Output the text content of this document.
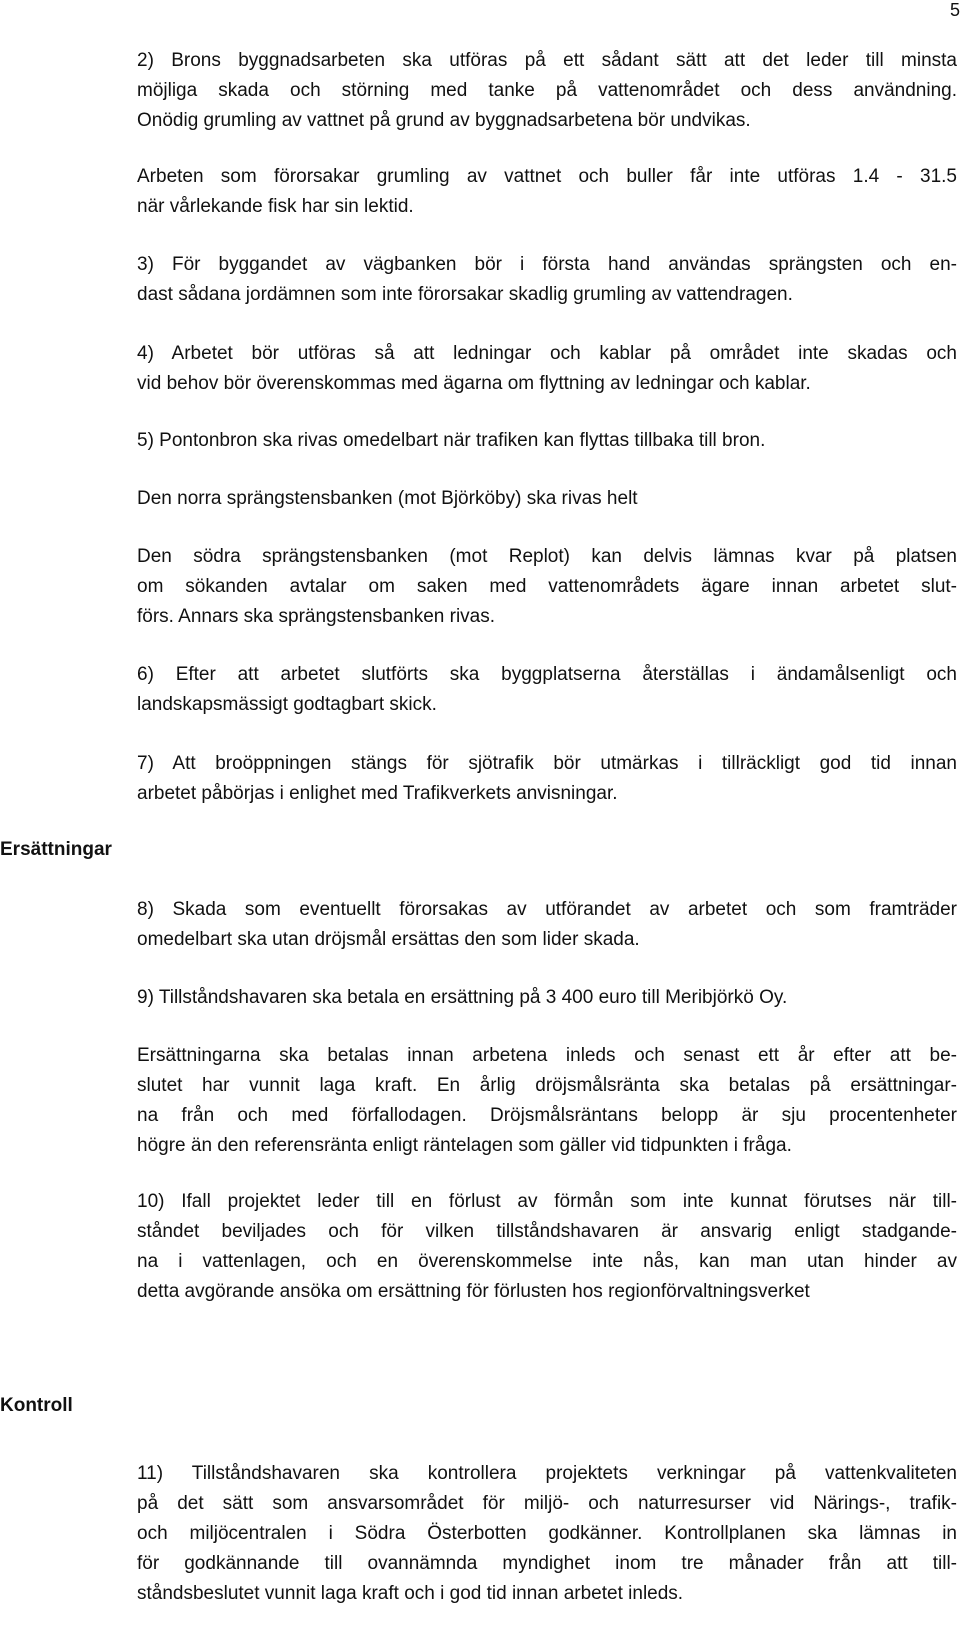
5
Ersättningar
Kontroll

2) Brons byggnadsarbeten ska utföras på ett sådant sätt att det leder till minsta
möjliga skada och störning med tanke på vattenområdet och dess användning.
Onödig grumling av vattnet på grund av byggnadsarbetena bör undvikas.

Arbeten som förorsakar grumling av vattnet och buller får inte utföras 1.4 - 31.5
när vårlekande fisk har sin lektid.

3) För byggandet av vägbanken bör i första hand användas sprängsten och en-
dast sådana jordämnen som inte förorsakar skadlig grumling av vattendragen.

4) Arbetet bör utföras så att ledningar och kablar på området inte skadas och
vid behov bör överenskommas med ägarna om flyttning av ledningar och kablar.

5) Pontonbron ska rivas omedelbart när trafiken kan flyttas tillbaka till bron.

Den norra sprängstensbanken (mot Björköby) ska rivas helt

Den södra sprängstensbanken (mot Replot) kan delvis lämnas kvar på platsen
om sökanden avtalar om saken med vattenområdets ägare innan arbetet slut-
förs. Annars ska sprängstensbanken rivas.

6) Efter att arbetet slutförts ska byggplatserna återställas i ändamålsenligt och
landskapsmässigt godtagbart skick.

7) Att broöppningen stängs för sjötrafik bör utmärkas i tillräckligt god tid innan
arbetet påbörjas i enlighet med Trafikverkets anvisningar.

8) Skada som eventuellt förorsakas av utförandet av arbetet och som framträder
omedelbart ska utan dröjsmål ersättas den som lider skada.

9) Tillståndshavaren ska betala en ersättning på 3 400 euro till Meribjörkö Oy.

Ersättningarna ska betalas innan arbetena inleds och senast ett år efter att be-
slutet har vunnit laga kraft. En årlig dröjsmålsränta ska betalas på ersättningar-
na från och med förfallodagen. Dröjsmålsräntans belopp är sju procentenheter
högre än den referensränta enligt räntelagen som gäller vid tidpunkten i fråga.

10) Ifall projektet leder till en förlust av förmån som inte kunnat förutses när till-
ståndet beviljades och för vilken tillståndshavaren är ansvarig enligt stadgande-
na i vattenlagen, och en överenskommelse inte nås, kan man utan hinder av
detta avgörande ansöka om ersättning för förlusten hos regionförvaltningsverket

11) Tillståndshavaren ska kontrollera projektets verkningar på vattenkvaliteten
på det sätt som ansvarsområdet för miljö- och naturresurser vid Närings-, trafik-
och miljöcentralen i Södra Österbotten godkänner. Kontrollplanen ska lämnas in
för godkännande till ovannämnda myndighet inom tre månader från att till-
ståndsbeslutet vunnit laga kraft och i god tid innan arbetet inleds.
